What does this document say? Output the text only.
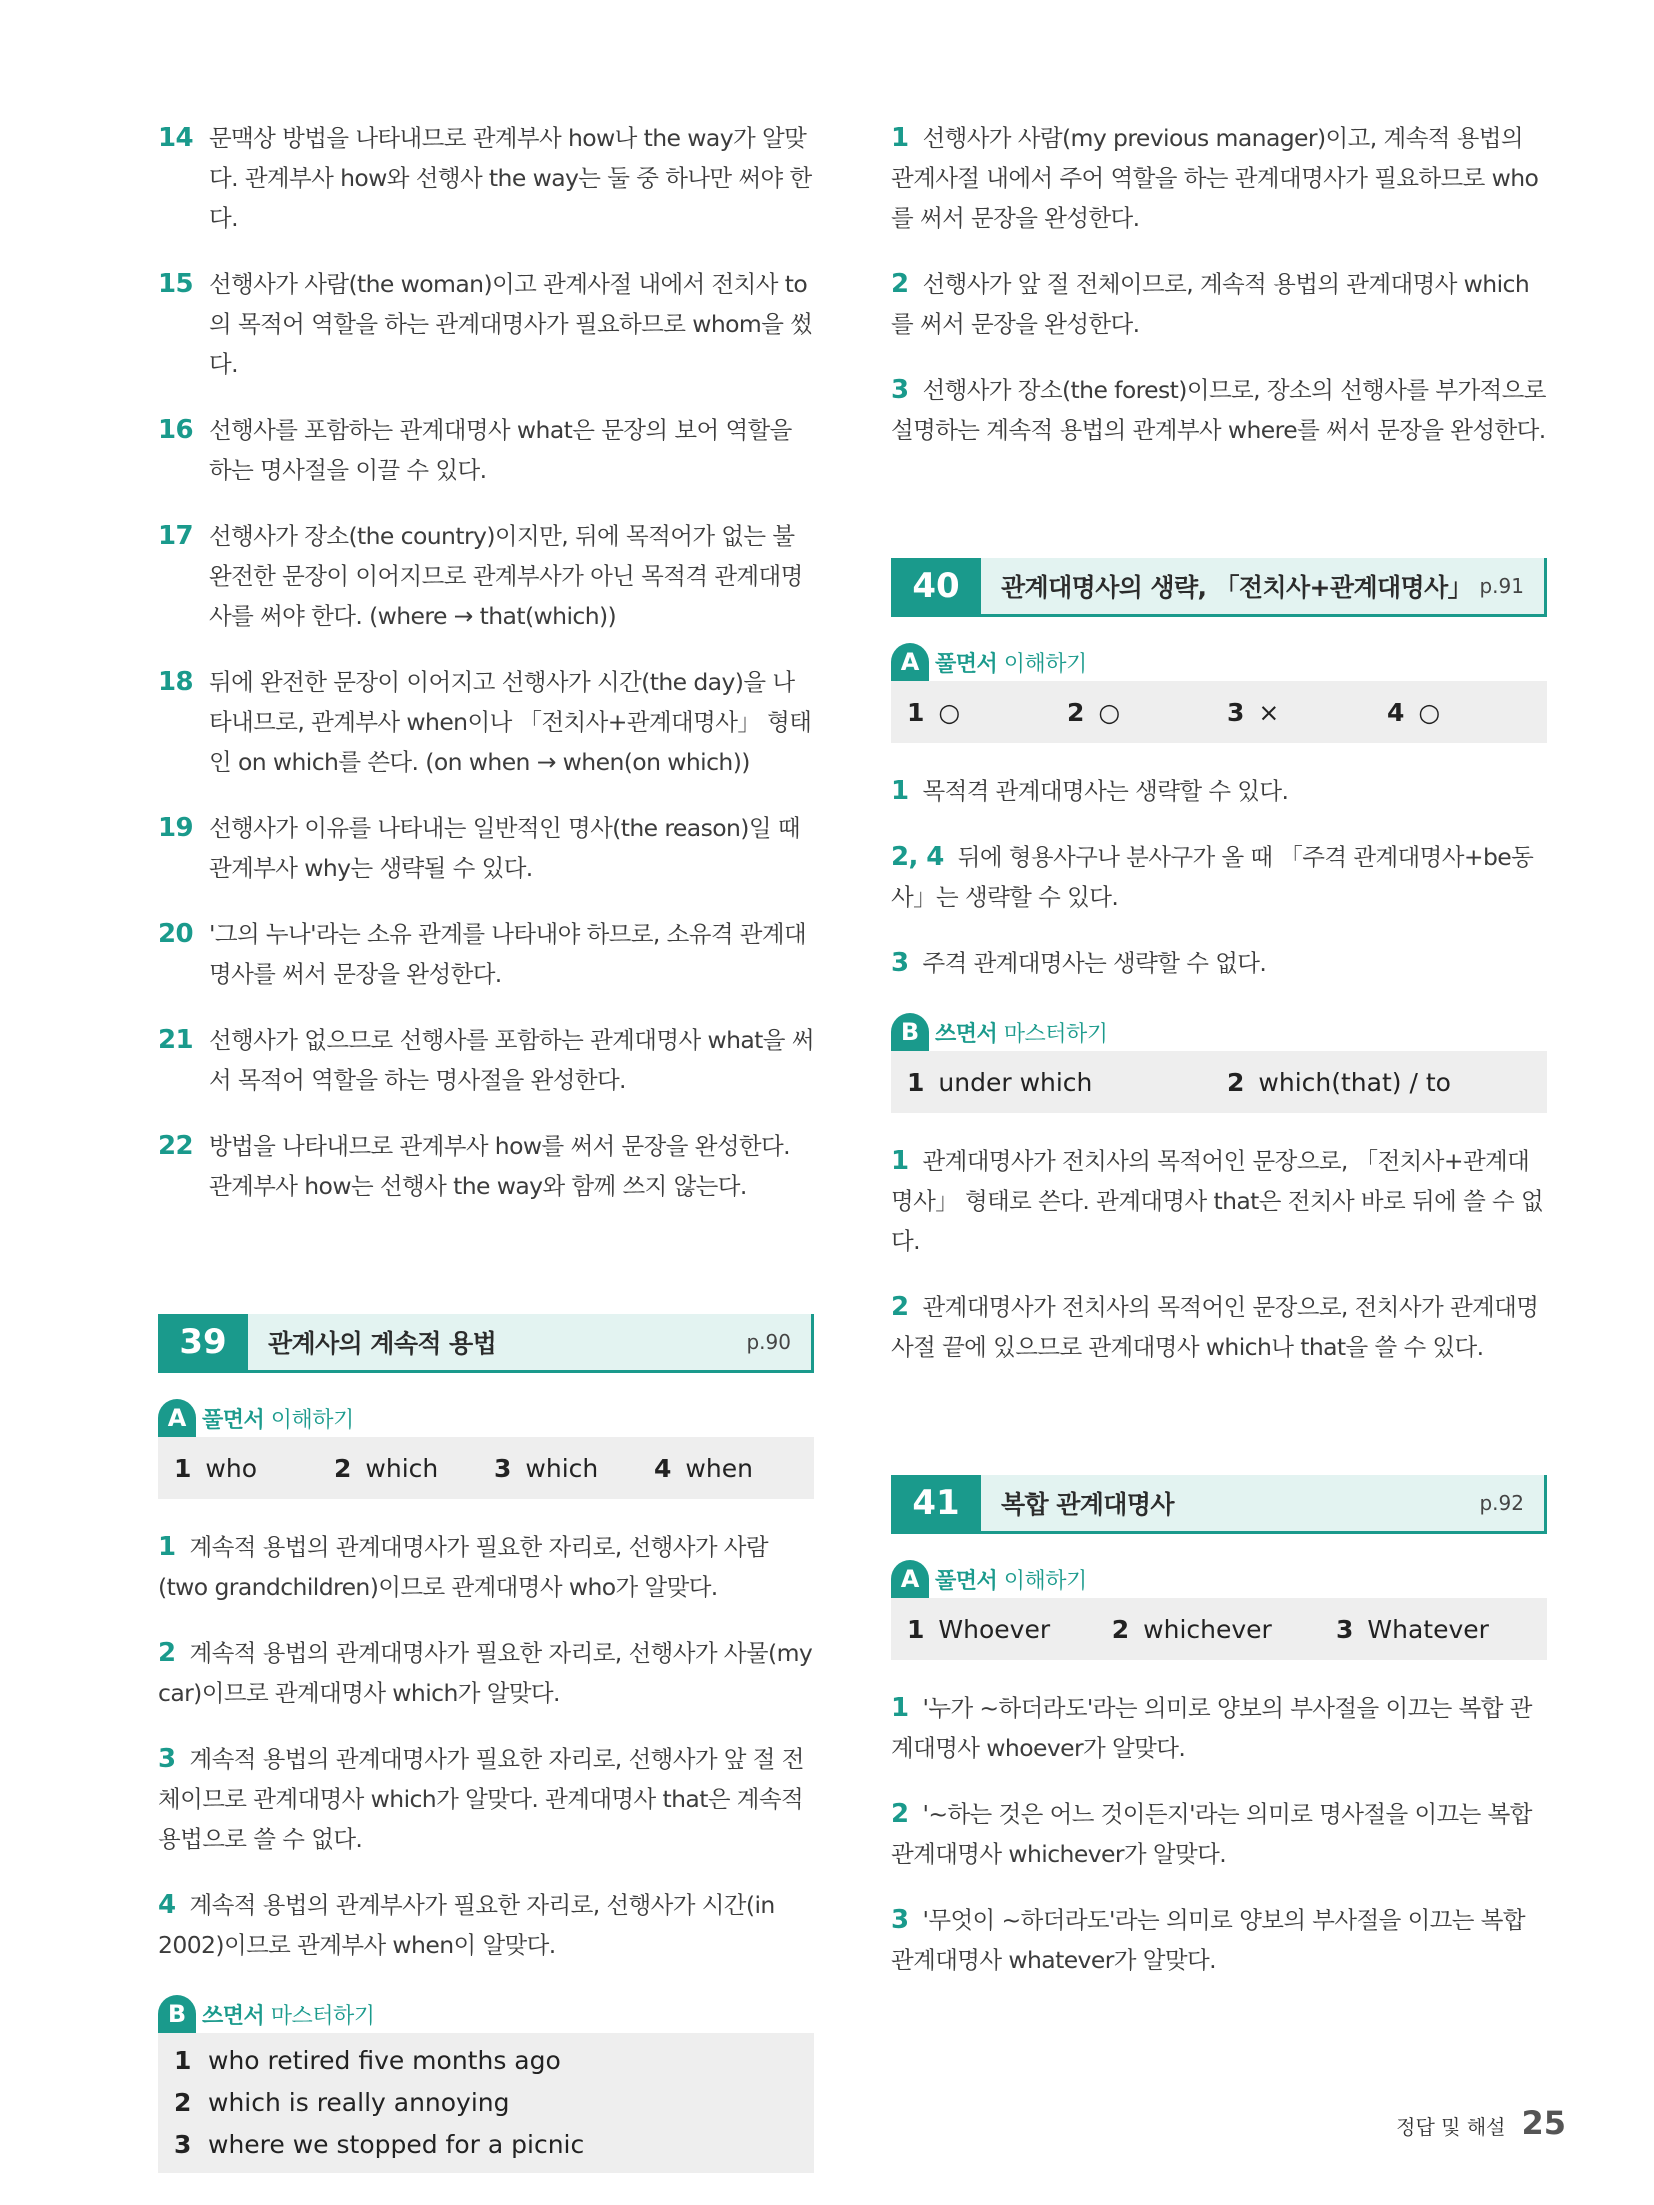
14 문맥상 방법을 나타내므로 관계부사 how나 the way가 알맞다. 관계부사 how와 선행사 the way는 둘 중 하나만 써야 한다.
15 선행사가 사람(the woman)이고 관계사절 내에서 전치사 to의 목적어 역할을 하는 관계대명사가 필요하므로 whom을 썼다.
16 선행사를 포함하는 관계대명사 what은 문장의 보어 역할을 하는 명사절을 이끌 수 있다.
17 선행사가 장소(the country)이지만, 뒤에 목적어가 없는 불완전한 문장이 이어지므로 관계부사가 아닌 목적격 관계대명사를 써야 한다. (where → that(which))
18 뒤에 완전한 문장이 이어지고 선행사가 시간(the day)을 나타내므로, 관계부사 when이나 「전치사+관계대명사」 형태인 on which를 쓴다. (on when → when(on which))
19 선행사가 이유를 나타내는 일반적인 명사(the reason)일 때 관계부사 why는 생략될 수 있다.
20 '그의 누나'라는 소유 관계를 나타내야 하므로, 소유격 관계대명사를 써서 문장을 완성한다.
21 선행사가 없으므로 선행사를 포함하는 관계대명사 what을 써서 목적어 역할을 하는 명사절을 완성한다.
22 방법을 나타내므로 관계부사 how를 써서 문장을 완성한다. 관계부사 how는 선행사 the way와 함께 쓰지 않는다.
39	관계사의 계속적 용법	p.90
A 풀면서 이해하기
1 who	2 which 3 which 4 when
1 계속적 용법의 관계대명사가 필요한 자리로, 선행사가 사람(two grandchildren)이므로 관계대명사 who가 알맞다.
2 계속적 용법의 관계대명사가 필요한 자리로, 선행사가 사물(my car)이므로 관계대명사 which가 알맞다.
3 계속적 용법의 관계대명사가 필요한 자리로, 선행사가 앞 절 전체이므로 관계대명사 which가 알맞다. 관계대명사 that은 계속적 용법으로 쓸 수 없다.
4 계속적 용법의 관계부사가 필요한 자리로, 선행사가 시간(in 2002)이므로 관계부사 when이 알맞다.
B 쓰면서 마스터하기
1 who retired five months ago
2 which is really annoying
3 where we stopped for a picnic
1 선행사가 사람(my previous manager)이고, 계속적 용법의 관계사절 내에서 주어 역할을 하는 관계대명사가 필요하므로 who를 써서 문장을 완성한다.
2 선행사가 앞 절 전체이므로, 계속적 용법의 관계대명사 which를 써서 문장을 완성한다.
3 선행사가 장소(the forest)이므로, 장소의 선행사를 부가적으로 설명하는 계속적 용법의 관계부사 where를 써서 문장을 완성한다.
40	관계대명사의 생략, 「전치사+관계대명사」 p.91
A 풀면서 이해하기
1 ○	2 ○	3 ×	4 ○
1 목적격 관계대명사는 생략할 수 있다.
2, 4 뒤에 형용사구나 분사구가 올 때 「주격 관계대명사+be동사」는 생략할 수 있다.
3 주격 관계대명사는 생략할 수 없다.
B 쓰면서 마스터하기
1 under which	2 which(that) / to
1 관계대명사가 전치사의 목적어인 문장으로, 「전치사+관계대명사」 형태로 쓴다. 관계대명사 that은 전치사 바로 뒤에 쓸 수 없다.
2 관계대명사가 전치사의 목적어인 문장으로, 전치사가 관계대명사절 끝에 있으므로 관계대명사 which나 that을 쓸 수 있다.
41	복합 관계대명사	p.92
A 풀면서 이해하기
1 Whoever 2 whichever	3 Whatever
1 '누가 ~하더라도'라는 의미로 양보의 부사절을 이끄는 복합 관계대명사 whoever가 알맞다.
2 '~하는 것은 어느 것이든지'라는 의미로 명사절을 이끄는 복합 관계대명사 whichever가 알맞다.
3 '무엇이 ~하더라도'라는 의미로 양보의 부사절을 이끄는 복합관계대명사 whatever가 알맞다.
정답 및 해설 25
